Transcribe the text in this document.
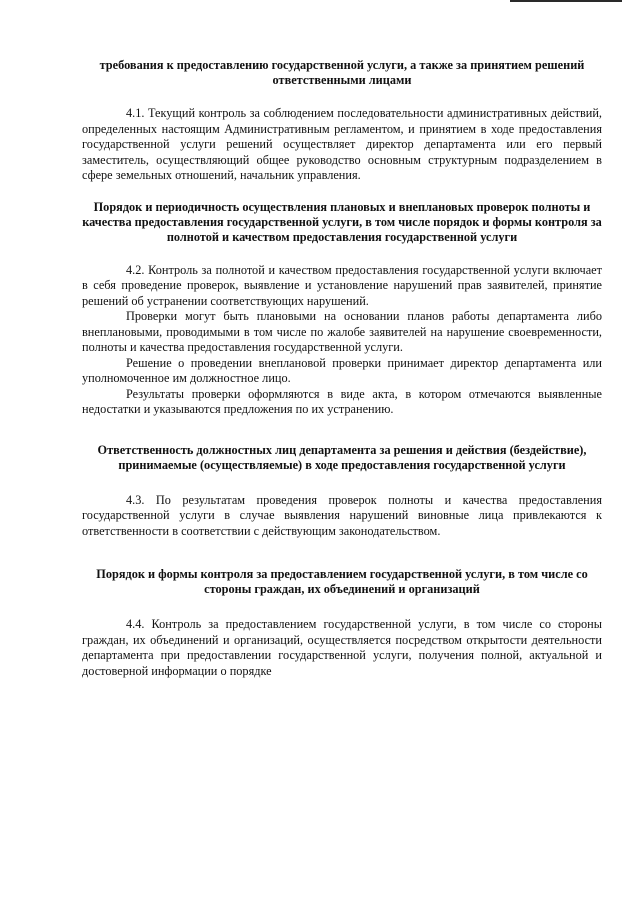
требования к предоставлению государственной услуги, а также за принятием решений ответственными лицами

4.1. Текущий контроль за соблюдением последовательности административных действий, определенных настоящим Административным регламентом, и принятием в ходе предоставления государственной услуги решений осуществляет директор департамента или его первый заместитель, осуществляющий общее руководство основным структурным подразделением в сфере земельных отношений, начальник управления.

Порядок и периодичность осуществления плановых и внеплановых проверок полноты и качества предоставления государственной услуги, в том числе порядок и формы контроля за полнотой и качеством предоставления государственной услуги

4.2. Контроль за полнотой и качеством предоставления государственной услуги включает в себя проведение проверок, выявление и установление нарушений прав заявителей, принятие решений об устранении соответствующих нарушений.

Проверки могут быть плановыми на основании планов работы департамента либо внеплановыми, проводимыми в том числе по жалобе заявителей на нарушение своевременности, полноты и качества предоставления государственной услуги.

Решение о проведении внеплановой проверки принимает директор департамента или уполномоченное им должностное лицо.

Результаты проверки оформляются в виде акта, в котором отмечаются выявленные недостатки и указываются предложения по их устранению.

Ответственность должностных лиц департамента за решения и действия (бездействие), принимаемые (осуществляемые) в ходе предоставления государственной услуги

4.3. По результатам проведения проверок полноты и качества предоставления государственной услуги в случае выявления нарушений виновные лица привлекаются к ответственности в соответствии с действующим законодательством.

Порядок и формы контроля за предоставлением государственной услуги, в том числе со стороны граждан, их объединений и организаций

4.4. Контроль за предоставлением государственной услуги, в том числе со стороны граждан, их объединений и организаций, осуществляется посредством открытости деятельности департамента при предоставлении государственной услуги, получения полной, актуальной и достоверной информации о порядке
